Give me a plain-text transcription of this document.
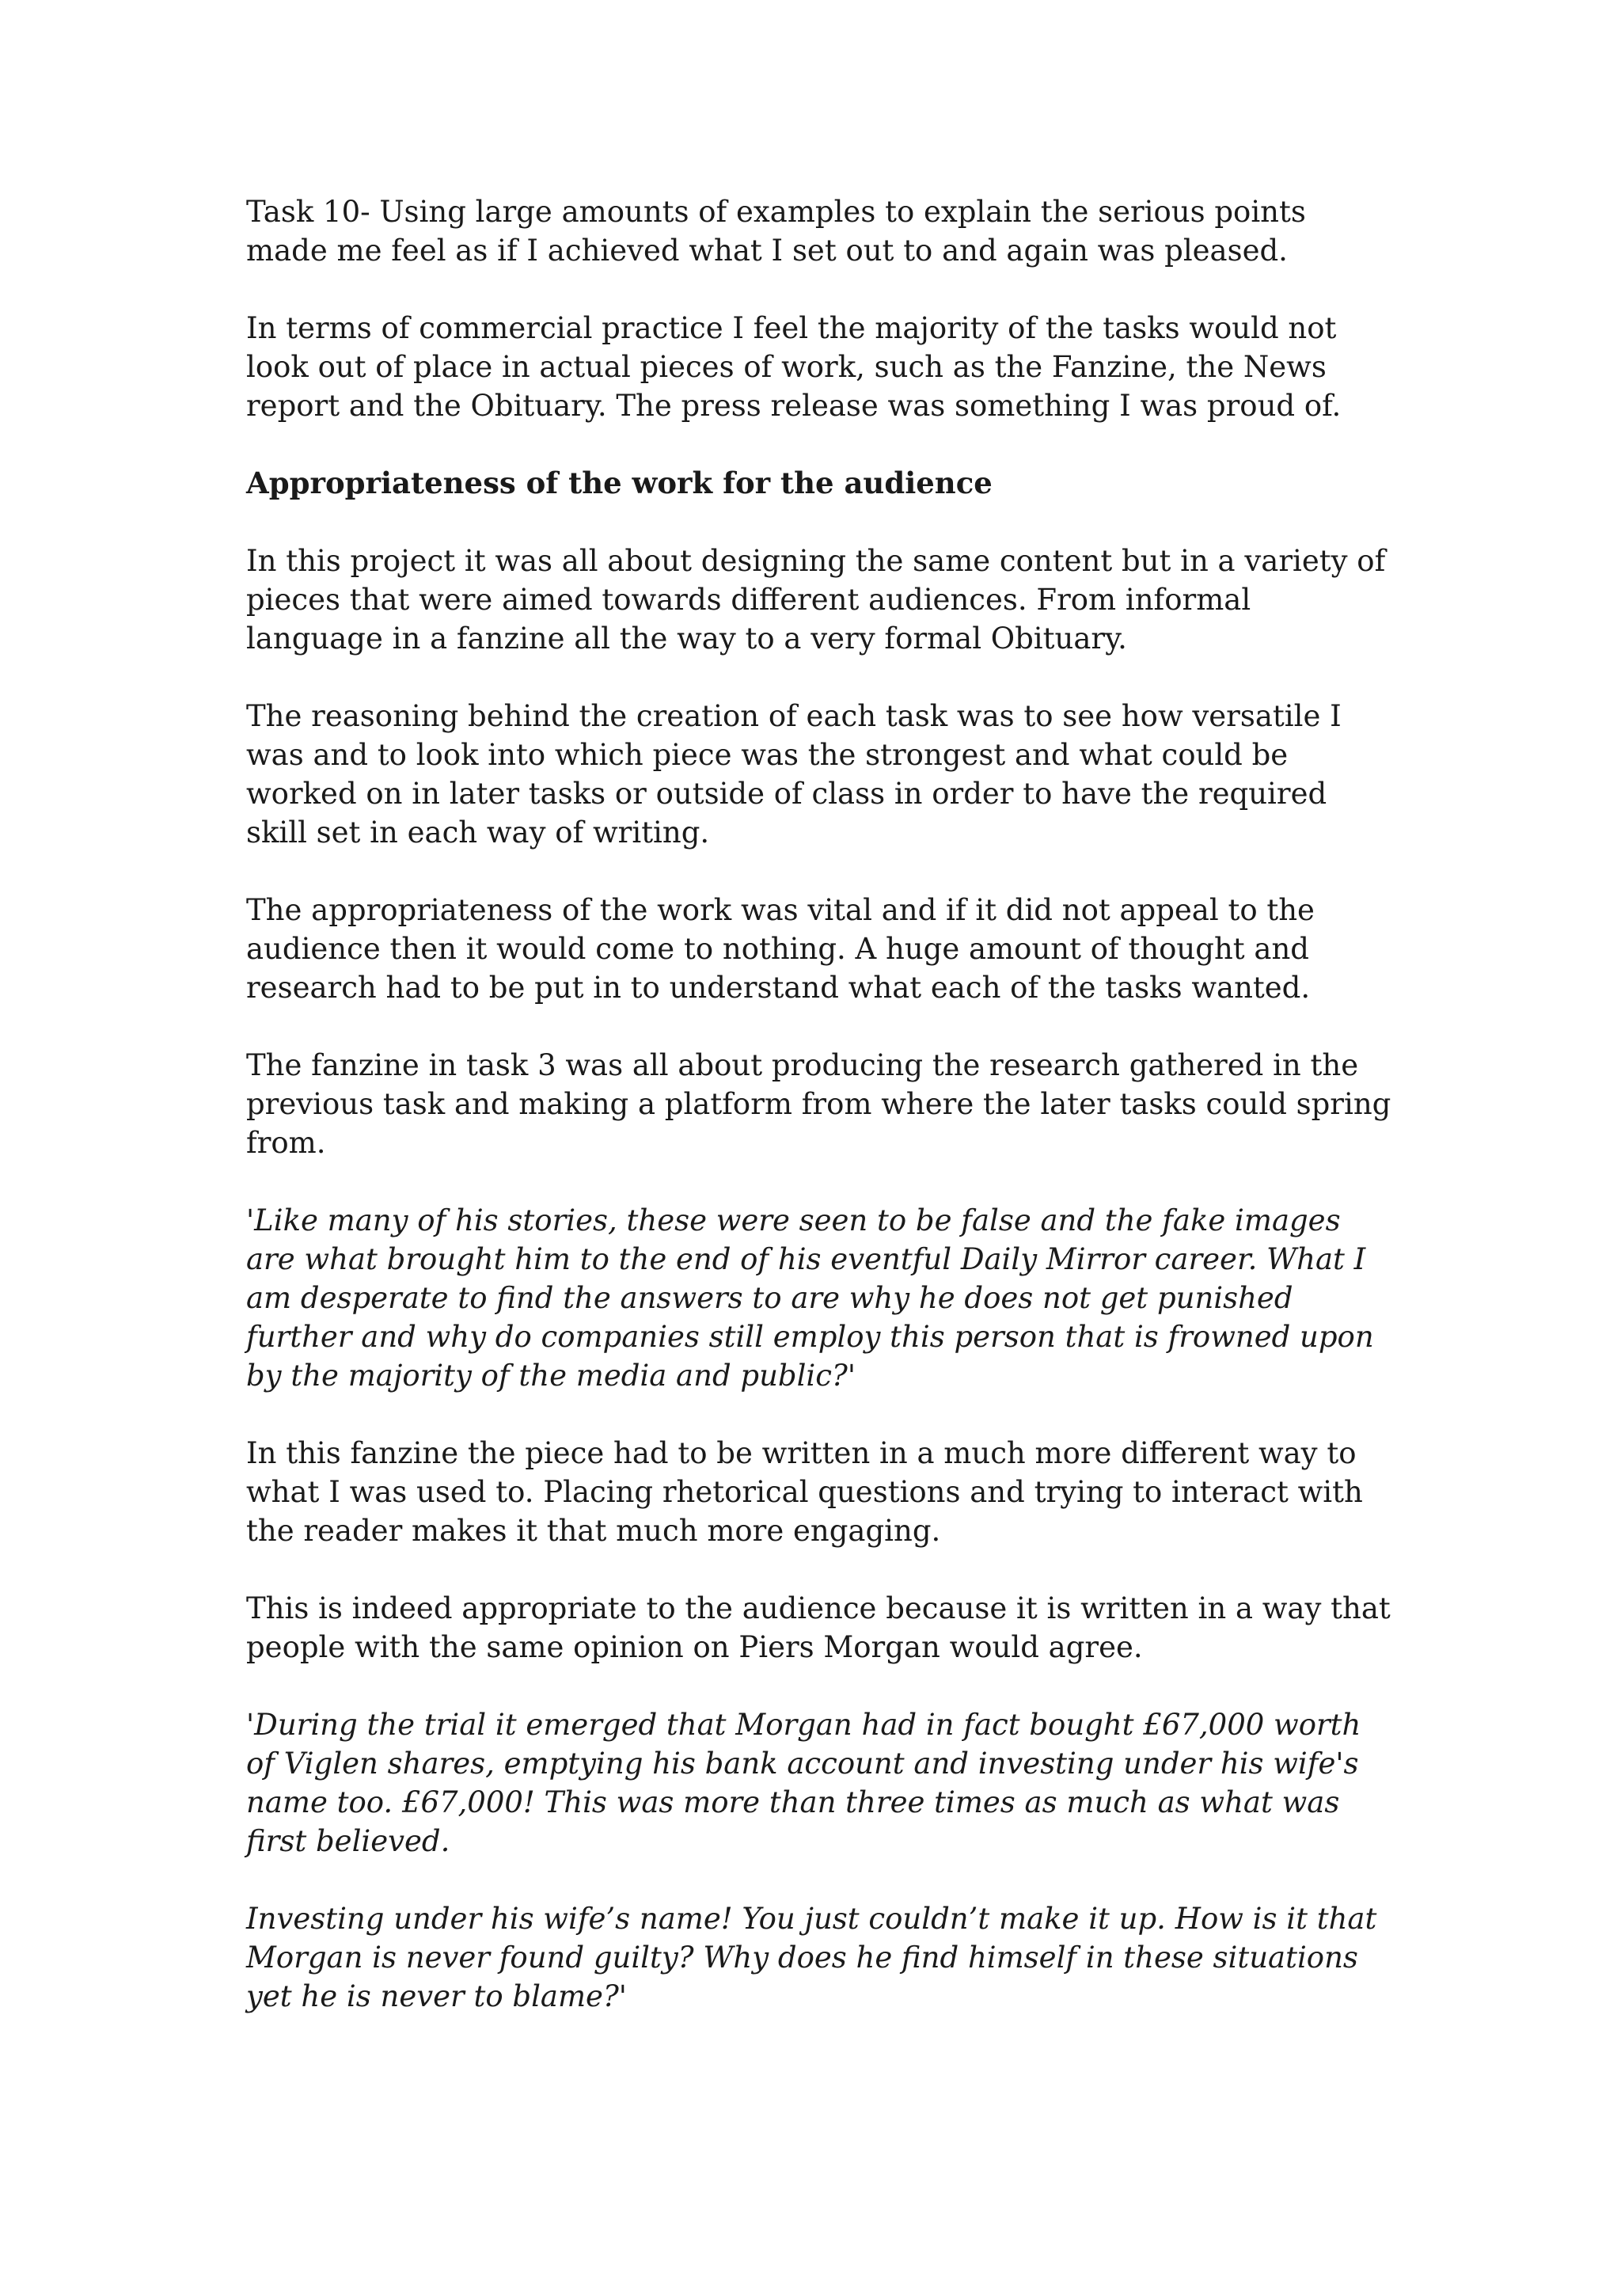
Task 10- Using large amounts of examples to explain the serious points made me feel as if I achieved what I set out to and again was pleased.

In terms of commercial practice I feel the majority of the tasks would not look out of place in actual pieces of work, such as the Fanzine, the News report and the Obituary. The press release was something I was proud of.

Appropriateness of the work for the audience

In this project it was all about designing the same content but in a variety of pieces that were aimed towards different audiences. From informal language in a fanzine all the way to a very formal Obituary.

The reasoning behind the creation of each task was to see how versatile I was and to look into which piece was the strongest and what could be worked on in later tasks or outside of class in order to have the required skill set in each way of writing.

The appropriateness of the work was vital and if it did not appeal to the audience then it would come to nothing. A huge amount of thought and research had to be put in to understand what each of the tasks wanted.

The fanzine in task 3 was all about producing the research gathered in the previous task and making a platform from where the later tasks could spring from.

'Like many of his stories, these were seen to be false and the fake images are what brought him to the end of his eventful Daily Mirror career. What I am desperate to find the answers to are why he does not get punished further and why do companies still employ this person that is frowned upon by the majority of the media and public?'

In this fanzine the piece had to be written in a much more different way to what I was used to. Placing rhetorical questions and trying to interact with the reader makes it that much more engaging.

This is indeed appropriate to the audience because it is written in a way that people with the same opinion on Piers Morgan would agree.

'During the trial it emerged that Morgan had in fact bought £67,000 worth of Viglen shares, emptying his bank account and investing under his wife's name too. £67,000! This was more than three times as much as what was first believed.

Investing under his wife’s name! You just couldn’t make it up. How is it that Morgan is never found guilty? Why does he find himself in these situations yet he is never to blame?'
